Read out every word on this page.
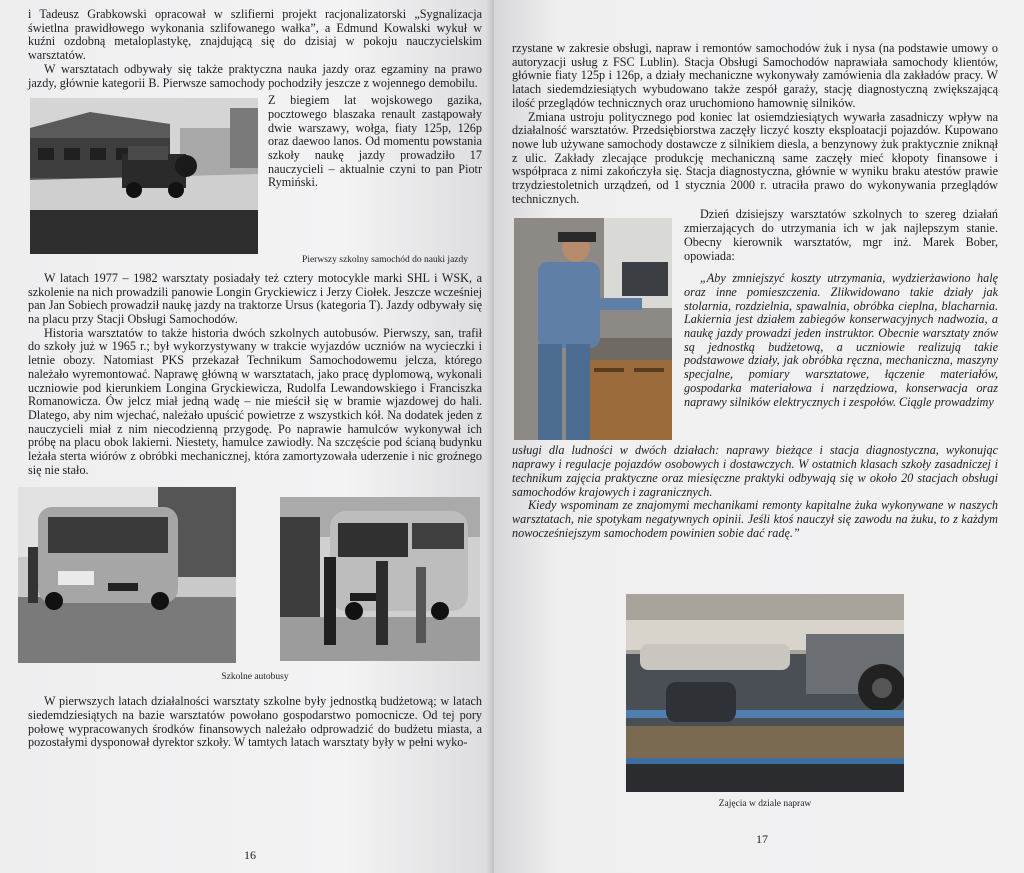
i Tadeusz Grabkowski opracował w szlifierni projekt racjonalizatorski „Sygnalizacja świetlna prawidłowego wykonania szlifowanego wałka”, a Edmund Kowalski wykuł w kuźni ozdobną metaloplastykę, znajdującą się do dzisiaj w pokoju nauczycielskim warsztatów.

W warsztatach odbywały się także praktyczna nauka jazdy oraz egzaminy na prawo jazdy, głównie kategorii B. Pierwsze samochody pochodziły jeszcze z wojennego demobilu.

Z biegiem lat wojskowego gazika, pocztowego blaszaka renault zastąpowały dwie warszawy, wołga, fiaty 125p, 126p oraz daewoo lanos. Od momentu powstania szkoły naukę jazdy prowadziło 17 nauczycieli – aktualnie czyni to pan Piotr Rymiński.

Pierwszy szkolny samochód do nauki jazdy

W latach 1977 – 1982 warsztaty posiadały też cztery motocykle marki SHL i WSK, a szkolenie na nich prowadzili panowie Longin Gryckiewicz i Jerzy Ciołek. Jeszcze wcześniej pan Jan Sobiech prowadził naukę jazdy na traktorze Ursus (kategoria T). Jazdy odbywały się na placu przy Stacji Obsługi Samochodów.

Historia warsztatów to także historia dwóch szkolnych autobusów. Pierwszy, san, trafił do szkoły już w 1965 r.; był wykorzystywany w trakcie wyjazdów uczniów na wycieczki i letnie obozy. Natomiast PKS przekazał Technikum Samochodowemu jelcza, którego należało wyremontować. Naprawę główną w warsztatach, jako pracę dyplomową, wykonali uczniowie pod kierunkiem Longina Gryckiewicza, Rudolfa Lewandowskiego i Franciszka Romanowicza. Ów jelcz miał jedną wadę – nie mieścił się w bramie wjazdowej do hali. Dlatego, aby nim wjechać, należało upuścić powietrze z wszystkich kół. Na dodatek jeden z nauczycieli miał z nim niecodzienną przygodę. Po naprawie hamulców wykonywał ich próbę na placu obok lakierni. Niestety, hamulce zawiodły. Na szczęście pod ścianą budynku leżała sterta wiórów z obróbki mechanicznej, która zamortyzowała uderzenie i nic groźnego się nie stało.

Szkolne autobusy

W pierwszych latach działalności warsztaty szkolne były jednostką budżetową; w latach siedemdziesiątych na bazie warsztatów powołano gospodarstwo pomocnicze. Od tej pory połowę wypracowanych środków finansowych należało odprowadzić do budżetu miasta, a pozostałymi dysponował dyrektor szkoły. W tamtych latach warsztaty były w pełni wyko-

16

rzystane w zakresie obsługi, napraw i remontów samochodów żuk i nysa (na podstawie umowy o autoryzacji usług z FSC Lublin). Stacja Obsługi Samochodów naprawiała samochody klientów, głównie fiaty 125p i 126p, a działy mechaniczne wykonywały zamówienia dla zakładów pracy. W latach siedemdziesiątych wybudowano także zespół garaży, stację diagnostyczną zwiększającą ilość przeglądów technicznych oraz uruchomiono hamownię silników.

Zmiana ustroju politycznego pod koniec lat osiemdziesiątych wywarła zasadniczy wpływ na działalność warsztatów. Przedsiębiorstwa zaczęły liczyć koszty eksploatacji pojazdów. Kupowano nowe lub używane samochody dostawcze z silnikiem diesla, a benzynowy żuk praktycznie zniknął z ulic. Zakłady zlecające produkcję mechaniczną same zaczęły mieć kłopoty finansowe i współpraca z nimi zakończyła się. Stacja diagnostyczna, głównie w wyniku braku atestów prawie trzydziestoletnich urządzeń, od 1 stycznia 2000 r. utraciła prawo do wykonywania przeglądów technicznych.

Dzień dzisiejszy warsztatów szkolnych to szereg działań zmierzających do utrzymania ich w jak najlepszym stanie. Obecny kierownik warsztatów, mgr inż. Marek Bober, opowiada:

„Aby zmniejszyć koszty utrzymania, wydzierżawiono halę oraz inne pomieszczenia. Zlikwidowano takie działy jak stolarnia, rozdzielnia, spawalnia, obróbka cieplna, blacharnia. Lakiernia jest działem zabiegów konserwacyjnych nadwozia, a naukę jazdy prowadzi jeden instruktor. Obecnie warsztaty znów są jednostką budżetową, a uczniowie realizują takie podstawowe działy, jak obróbka ręczna, mechaniczna, maszyny specjalne, pomiary warsztatowe, łączenie materiałów, gospodarka materiałowa i narzędziowa, konserwacja oraz naprawy silników elektrycznych i zespołów. Ciągle prowadzimy

usługi dla ludności w dwóch działach: naprawy bieżące i stacja diagnostyczna, wykonując naprawy i regulacje pojazdów osobowych i dostawczych. W ostatnich klasach szkoły zasadniczej i technikum zajęcia praktyczne oraz miesięczne praktyki odbywają się w około 20 stacjach obsługi samochodów krajowych i zagranicznych.

Kiedy wspominam ze znajomymi mechanikami remonty kapitalne żuka wykonywane w naszych warsztatach, nie spotykam negatywnych opinii. Jeśli ktoś nauczył się zawodu na żuku, to z każdym nowocześniejszym samochodem powinien sobie dać radę.”

Zajęcia w dziale napraw

17
